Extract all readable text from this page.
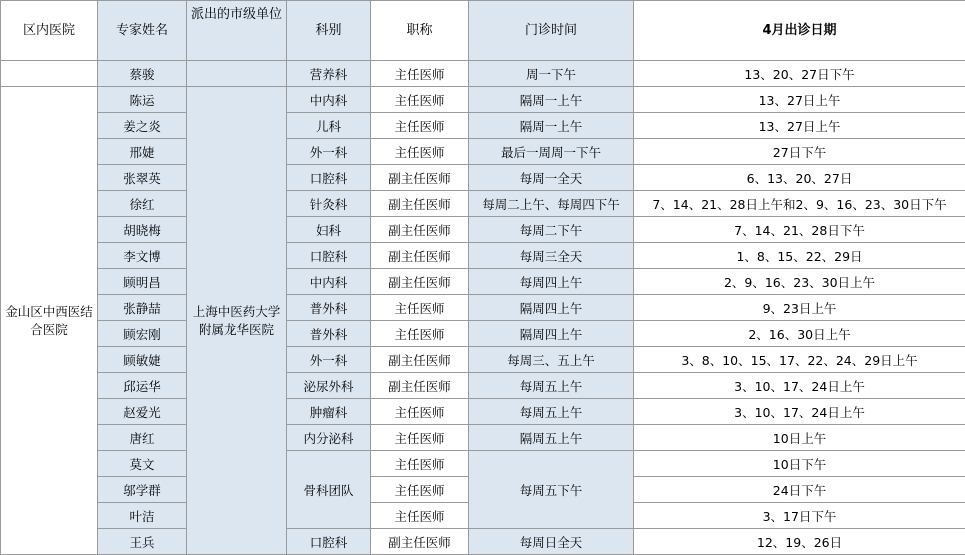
区内医院	专家姓名	派出的市级单位	科别	职称	门诊时间	4月出诊日期
	蔡骏		营养科	主任医师	周一下午	13、20、27日下午
金山区中西医结合医院	陈运	上海中医药大学附属龙华医院	中内科	主任医师	隔周一上午	13、27日上午
	姜之炎		儿科	主任医师	隔周一上午	13、27日上午
	邢婕		外一科	主任医师	最后一周周一下午	27日下午
	张翠英		口腔科	副主任医师	每周一全天	6、13、20、27日
	徐红		针灸科	副主任医师	每周二上午、每周四下午	7、14、21、28日上午和2、9、16、23、30日下午
	胡晓梅		妇科	副主任医师	每周二下午	7、14、21、28日下午
	李文博		口腔科	副主任医师	每周三全天	1、8、15、22、29日
	顾明昌		中内科	副主任医师	每周四上午	2、9、16、23、30日上午
	张静喆		普外科	主任医师	隔周四上午	9、23日上午
	顾宏刚		普外科	主任医师	隔周四上午	2、16、30日上午
	顾敏婕		外一科	副主任医师	每周三、五上午	3、8、10、15、17、22、24、29日上午
	邱运华		泌尿外科	副主任医师	每周五上午	3、10、17、24日上午
	赵爱光		肿瘤科	主任医师	每周五上午	3、10、17、24日上午
	唐红		内分泌科	主任医师	隔周五上午	10日上午
	莫文		骨科团队	主任医师	每周五下午	10日下午
	邬学群			主任医师		24日下午
	叶洁			主任医师		3、17日下午
	王兵		口腔科	副主任医师	每周日全天	12、19、26日
